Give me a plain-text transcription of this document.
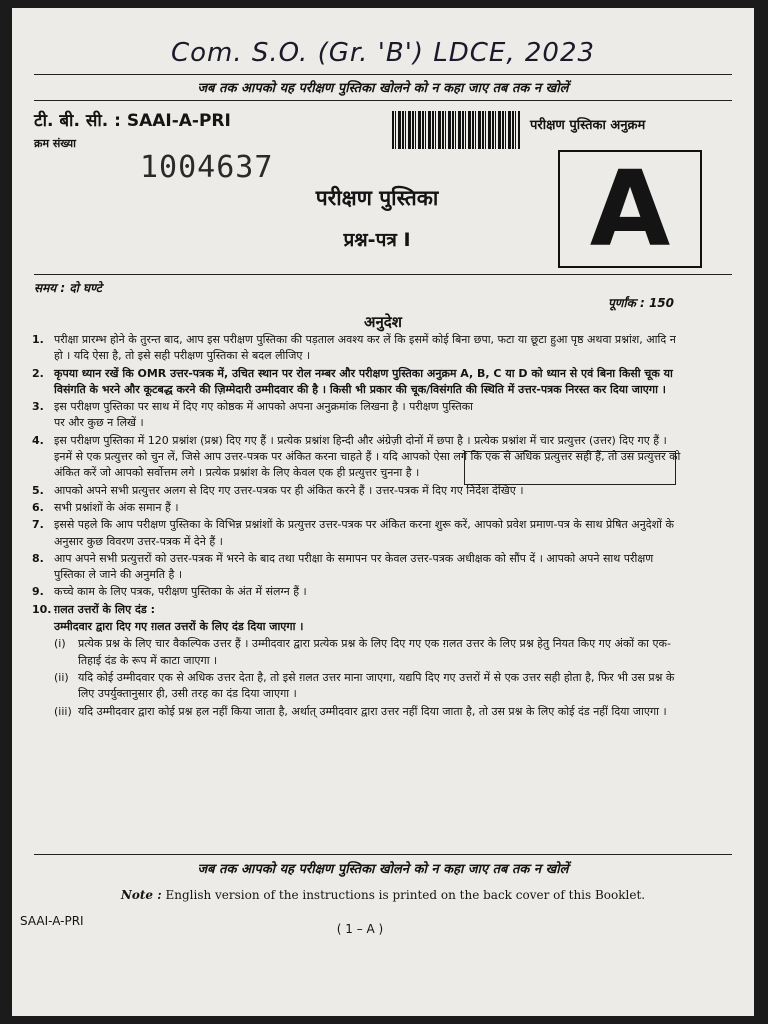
Com. S.O. (Gr. 'B') LDCE, 2023
जब तक आपको यह परीक्षण पुस्तिका खोलने को न कहा जाए तब तक न खोलें
टी. बी. सी. : SAAI-A-PRI
क्रम संख्या
1004637
परीक्षण पुस्तिका अनुक्रम
A
परीक्षण पुस्तिका
प्रश्न-पत्र I
समय : दो घण्टे
पूर्णांक : 150
अनुदेश
1. परीक्षा प्रारम्भ होने के तुरन्त बाद, आप इस परीक्षण पुस्तिका की पड़ताल अवश्य कर लें कि इसमें कोई बिना छपा, फटा या छूटा हुआ पृष्ठ अथवा प्रश्नांश, आदि न हो । यदि ऐसा है, तो इसे सही परीक्षण पुस्तिका से बदल लीजिए ।
2. कृपया ध्यान रखें कि OMR उत्तर-पत्रक में, उचित स्थान पर रोल नम्बर और परीक्षण पुस्तिका अनुक्रम A, B, C या D को ध्यान से एवं बिना किसी चूक या विसंगति के भरने और कूटबद्ध करने की ज़िम्मेदारी उम्मीदवार की है । किसी भी प्रकार की चूक/विसंगति की स्थिति में उत्तर-पत्रक निरस्त कर दिया जाएगा ।
3. इस परीक्षण पुस्तिका पर साथ में दिए गए कोष्ठक में आपको अपना अनुक्रमांक लिखना है । परीक्षण पुस्तिका पर और कुछ न लिखें ।
4. इस परीक्षण पुस्तिका में 120 प्रश्नांश (प्रश्न) दिए गए हैं । प्रत्येक प्रश्नांश हिन्दी और अंग्रेज़ी दोनों में छपा है । प्रत्येक प्रश्नांश में चार प्रत्युत्तर (उत्तर) दिए गए हैं । इनमें से एक प्रत्युत्तर को चुन लें, जिसे आप उत्तर-पत्रक पर अंकित करना चाहते हैं । यदि आपको ऐसा लगे कि एक से अधिक प्रत्युत्तर सही हैं, तो उस प्रत्युत्तर को अंकित करें जो आपको सर्वोत्तम लगे । प्रत्येक प्रश्नांश के लिए केवल एक ही प्रत्युत्तर चुनना है ।
5. आपको अपने सभी प्रत्युत्तर अलग से दिए गए उत्तर-पत्रक पर ही अंकित करने हैं । उत्तर-पत्रक में दिए गए निर्देश देखिए ।
6. सभी प्रश्नांशों के अंक समान हैं ।
7. इससे पहले कि आप परीक्षण पुस्तिका के विभिन्न प्रश्नांशों के प्रत्युत्तर उत्तर-पत्रक पर अंकित करना शुरू करें, आपको प्रवेश प्रमाण-पत्र के साथ प्रेषित अनुदेशों के अनुसार कुछ विवरण उत्तर-पत्रक में देने हैं ।
8. आप अपने सभी प्रत्युत्तरों को उत्तर-पत्रक में भरने के बाद तथा परीक्षा के समापन पर केवल उत्तर-पत्रक अधीक्षक को सौंप दें । आपको अपने साथ परीक्षण पुस्तिका ले जाने की अनुमति है ।
9. कच्चे काम के लिए पत्रक, परीक्षण पुस्तिका के अंत में संलग्न हैं ।
10. ग़लत उत्तरों के लिए दंड :
उम्मीदवार द्वारा दिए गए ग़लत उत्तरों के लिए दंड दिया जाएगा ।
(i) प्रत्येक प्रश्न के लिए चार वैकल्पिक उत्तर हैं । उम्मीदवार द्वारा प्रत्येक प्रश्न के लिए दिए गए एक ग़लत उत्तर के लिए प्रश्न हेतु नियत किए गए अंकों का एक-तिहाई दंड के रूप में काटा जाएगा ।
(ii) यदि कोई उम्मीदवार एक से अधिक उत्तर देता है, तो इसे ग़लत उत्तर माना जाएगा, यद्यपि दिए गए उत्तरों में से एक उत्तर सही होता है, फिर भी उस प्रश्न के लिए उपर्युक्तानुसार ही, उसी तरह का दंड दिया जाएगा ।
(iii) यदि उम्मीदवार द्वारा कोई प्रश्न हल नहीं किया जाता है, अर्थात् उम्मीदवार द्वारा उत्तर नहीं दिया जाता है, तो उस प्रश्न के लिए कोई दंड नहीं दिया जाएगा ।
जब तक आपको यह परीक्षण पुस्तिका खोलने को न कहा जाए तब तक न खोलें
Note : English version of the instructions is printed on the back cover of this Booklet.
SAAI-A-PRI
( 1 – A )
